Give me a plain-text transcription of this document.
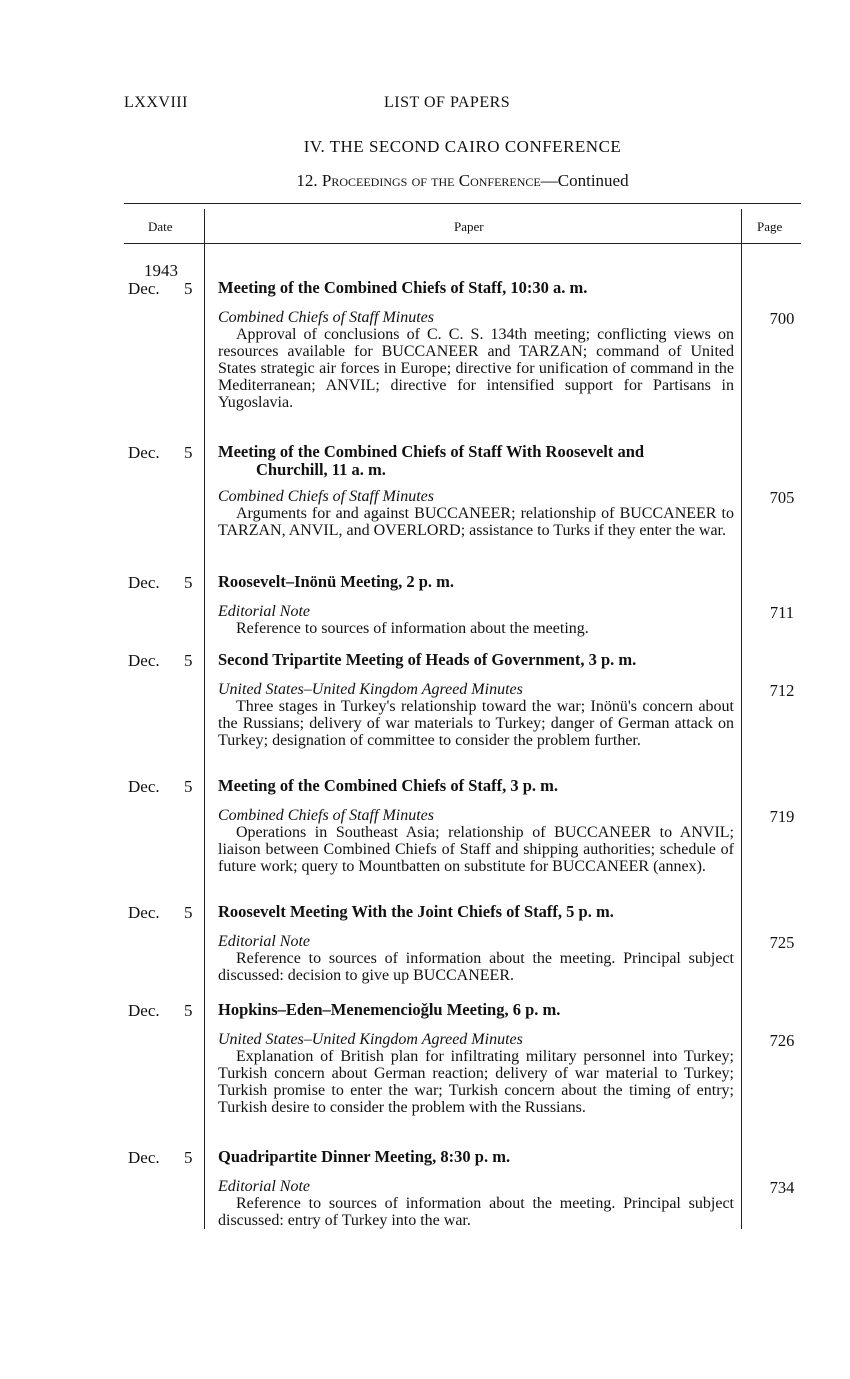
LXXVIII	LIST OF PAPERS
IV. THE SECOND CAIRO CONFERENCE
12. Proceedings of the Conference—Continued
Date	Paper	Page
1943
Dec. 5 Meeting of the Combined Chiefs of Staff, 10:30 a. m.
Combined Chiefs of Staff Minutes
Approval of conclusions of C. C. S. 134th meeting; conflicting views on resources available for BUCCANEER and TARZAN; command of United States strategic air forces in Europe; directive for unification of command in the Mediterranean; ANVIL; directive for intensified support for Partisans in Yugoslavia.
700
Dec. 5 Meeting of the Combined Chiefs of Staff With Roosevelt and
Churchill, 11 a. m.
Combined Chiefs of Staff Minutes
Arguments for and against BUCCANEER; relationship of BUCCANEER to TARZAN, ANVIL, and OVERLORD; assistance to Turks if they enter the war.
705
Dec. 5 Roosevelt–Inönü Meeting, 2 p. m.
Editorial Note
Reference to sources of information about the meeting.
711
Dec. 5 Second Tripartite Meeting of Heads of Government, 3 p. m.
United States–United Kingdom Agreed Minutes
Three stages in Turkey's relationship toward the war; Inönü's concern about the Russians; delivery of war materials to Turkey; danger of German attack on Turkey; designation of committee to consider the problem further.
712
Dec. 5 Meeting of the Combined Chiefs of Staff, 3 p. m.
Combined Chiefs of Staff Minutes
Operations in Southeast Asia; relationship of BUCCANEER to ANVIL; liaison between Combined Chiefs of Staff and shipping authorities; schedule of future work; query to Mountbatten on substitute for BUCCANEER (annex).
719
Dec. 5 Roosevelt Meeting With the Joint Chiefs of Staff, 5 p. m.
Editorial Note
Reference to sources of information about the meeting. Principal subject discussed: decision to give up BUCCANEER.
725
Dec. 5 Hopkins–Eden–Menemencioǧlu Meeting, 6 p. m.
United States–United Kingdom Agreed Minutes
Explanation of British plan for infiltrating military personnel into Turkey; Turkish concern about German reaction; delivery of war material to Turkey; Turkish promise to enter the war; Turkish concern about the timing of entry; Turkish desire to consider the problem with the Russians.
726
Dec. 5 Quadripartite Dinner Meeting, 8:30 p. m.
Editorial Note
Reference to sources of information about the meeting. Principal subject discussed: entry of Turkey into the war.
734
